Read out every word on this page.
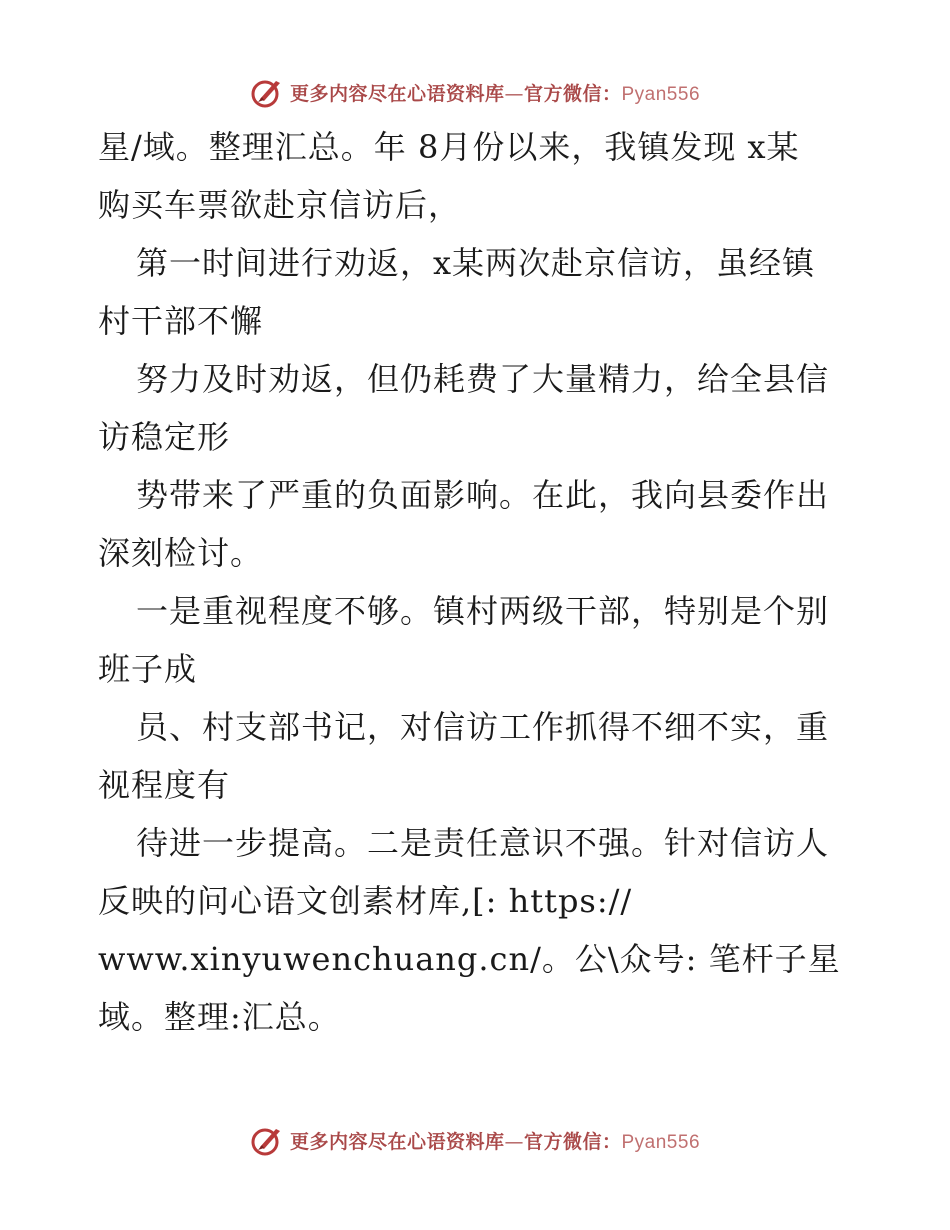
更多内容尽在心语资料库—官方微信：Pyan556
星/域。整理汇总。年 8月份以来，我镇发现 x某
购买车票欲赴京信访后，
第一时间进行劝返，x某两次赴京信访，虽经镇
村干部不懈
努力及时劝返，但仍耗费了大量精力，给全县信
访稳定形
势带来了严重的负面影响。在此，我向县委作出
深刻检讨。
一是重视程度不够。镇村两级干部，特别是个别
班子成
员、村支部书记，对信访工作抓得不细不实，重
视程度有
待进一步提高。二是责任意识不强。针对信访人
反映的问心语文创素材库,[: https://
www.xinyuwenchuang.cn/。公\众号: 笔杆子星
域。整理:汇总。
更多内容尽在心语资料库—官方微信：Pyan556
